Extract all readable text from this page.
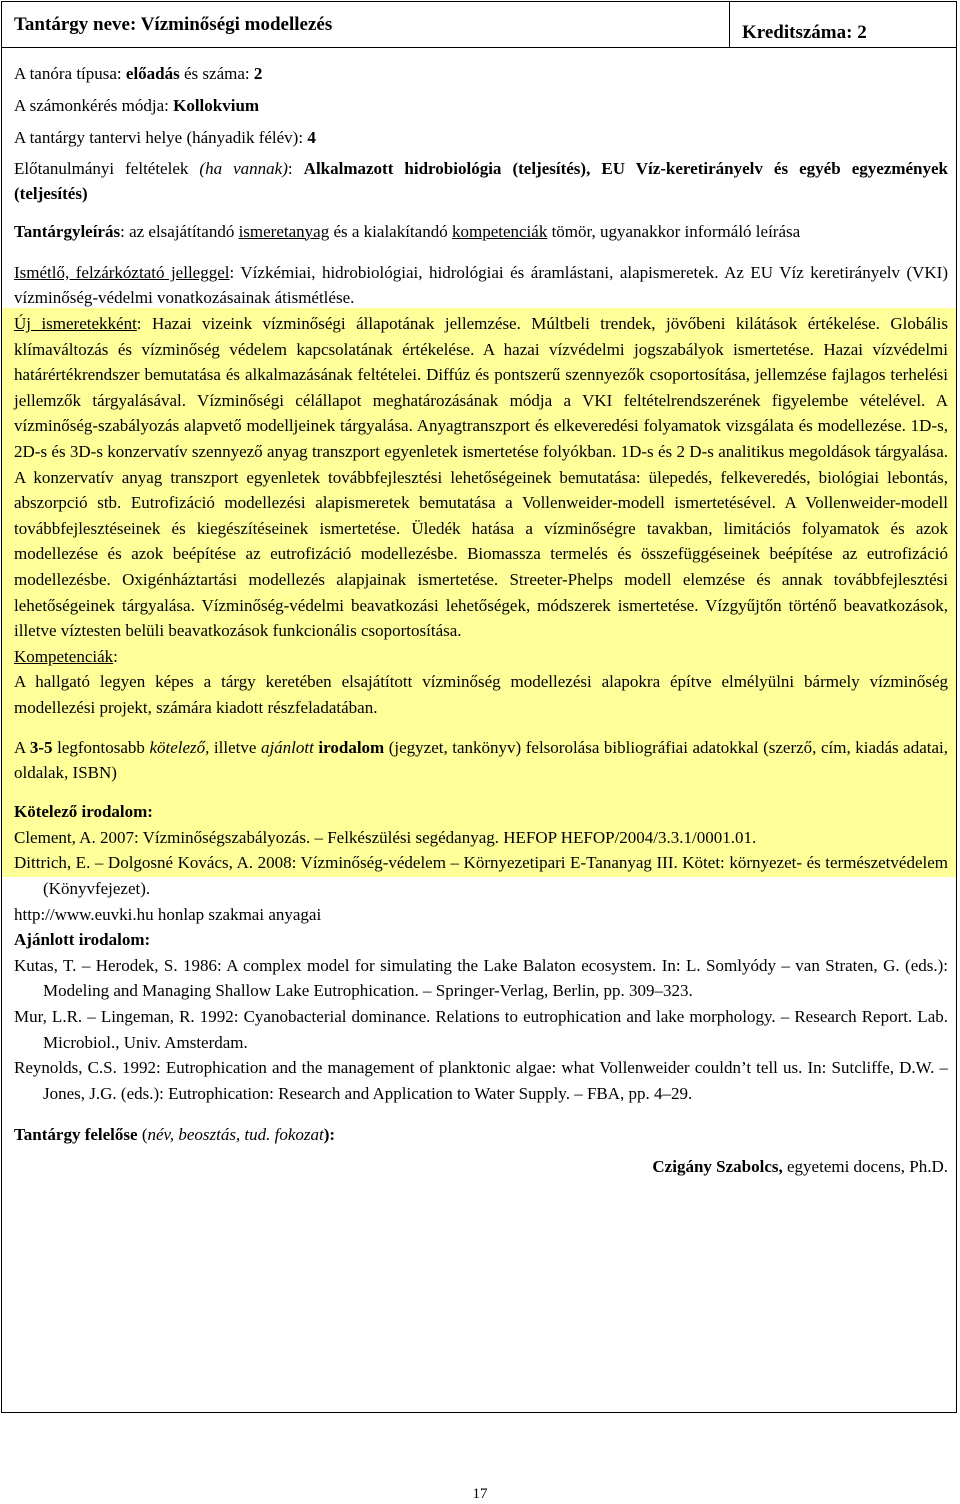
Tantárgy neve: Vízminőségi modellezés	Kreditszáma: 2
A tanóra típusa: előadás és száma: 2
A számonkérés módja: Kollokvium
A tantárgy tantervi helye (hányadik félév): 4
Előtanulmányi feltételek (ha vannak): Alkalmazott hidrobiológia (teljesítés), EU Víz-keretirányelv és egyéb egyezmények (teljesítés)
Tantárgyleírás: az elsajátítandó ismeretanyag és a kialakítandó kompetenciák tömör, ugyanakkor informáló leírása
Ismétlő, felzárkóztató jelleggel: Vízkémiai, hidrobiológiai, hidrológiai és áramlástani, alapismeretek. Az EU Víz keretirányelv (VKI) vízminőség-védelmi vonatkozásainak átismétlése.
Új ismeretekként: Hazai vizeink vízminőségi állapotának jellemzése. Múltbeli trendek, jövőbeni kilátások értékelése. Globális klímaváltozás és vízminőség védelem kapcsolatának értékelése. A hazai vízvédelmi jogszabályok ismertetése. Hazai vízvédelmi határértékrendszer bemutatása és alkalmazásának feltételei. Diffúz és pontszerű szennyezők csoportosítása, jellemzése fajlagos terhelési jellemzők tárgyalásával. Vízminőségi célállapot meghatározásának módja a VKI feltételrendszerének figyelembe vételével. A vízminőség-szabályozás alapvető modelljeinek tárgyalása. Anyagtranszport és elkeveredési folyamatok vizsgálata és modellezése. 1D-s, 2D-s és 3D-s konzervatív szennyező anyag transzport egyenletek ismertetése folyókban. 1D-s és 2 D-s analitikus megoldások tárgyalása. A konzervatív anyag transzport egyenletek továbbfejlesztési lehetőségeinek bemutatása: ülepedés, felkeveredés, biológiai lebontás, abszorpció stb. Eutrofizáció modellezési alapismeretek bemutatása a Vollenweider-modell ismertetésével. A Vollenweider-modell továbbfejlesztéseinek és kiegészítéseinek ismertetése. Üledék hatása a vízminőségre tavakban, limitációs folyamatok és azok modellezése és azok beépítése az eutrofizáció modellezésbe. Biomassza termelés és összefüggéseinek beépítése az eutrofizáció modellezésbe. Oxigénháztartási modellezés alapjainak ismertetése. Streeter-Phelps modell elemzése és annak továbbfejlesztési lehetőségeinek tárgyalása. Vízminőség-védelmi beavatkozási lehetőségek, módszerek ismertetése. Vízgyűjtőn történő beavatkozások, illetve víztesten belüli beavatkozások funkcionális csoportosítása.
Kompetenciák:
A hallgató legyen képes a tárgy keretében elsajátított vízminőség modellezési alapokra építve elmélyülni bármely vízminőség modellezési projekt, számára kiadott részfeladatában.
A 3-5 legfontosabb kötelező, illetve ajánlott irodalom (jegyzet, tankönyv) felsorolása bibliográfiai adatokkal (szerző, cím, kiadás adatai, oldalak, ISBN)
Kötelező irodalom:
Clement, A. 2007: Vízminőségszabályozás. – Felkészülési segédanyag. HEFOP HEFOP/2004/3.3.1/0001.01.
Dittrich, E. – Dolgosné Kovács, A. 2008: Vízminőség-védelem – Környezetipari E-Tananyag III. Kötet: környezet- és természetvédelem (Könyvfejezet).
http://www.euvki.hu honlap szakmai anyagai
Ajánlott irodalom:
Kutas, T. – Herodek, S. 1986: A complex model for simulating the Lake Balaton ecosystem. In: L. Somlyódy – van Straten, G. (eds.): Modeling and Managing Shallow Lake Eutrophication. – Springer-Verlag, Berlin, pp. 309–323.
Mur, L.R. – Lingeman, R. 1992: Cyanobacterial dominance. Relations to eutrophication and lake morphology. – Research Report. Lab. Microbiol., Univ. Amsterdam.
Reynolds, C.S. 1992: Eutrophication and the management of planktonic algae: what Vollenweider couldn’t tell us. In: Sutcliffe, D.W. – Jones, J.G. (eds.): Eutrophication: Research and Application to Water Supply. – FBA, pp. 4–29.
Tantárgy felelőse (név, beosztás, tud. fokozat):
Czigány Szabolcs, egyetemi docens, Ph.D.
17
